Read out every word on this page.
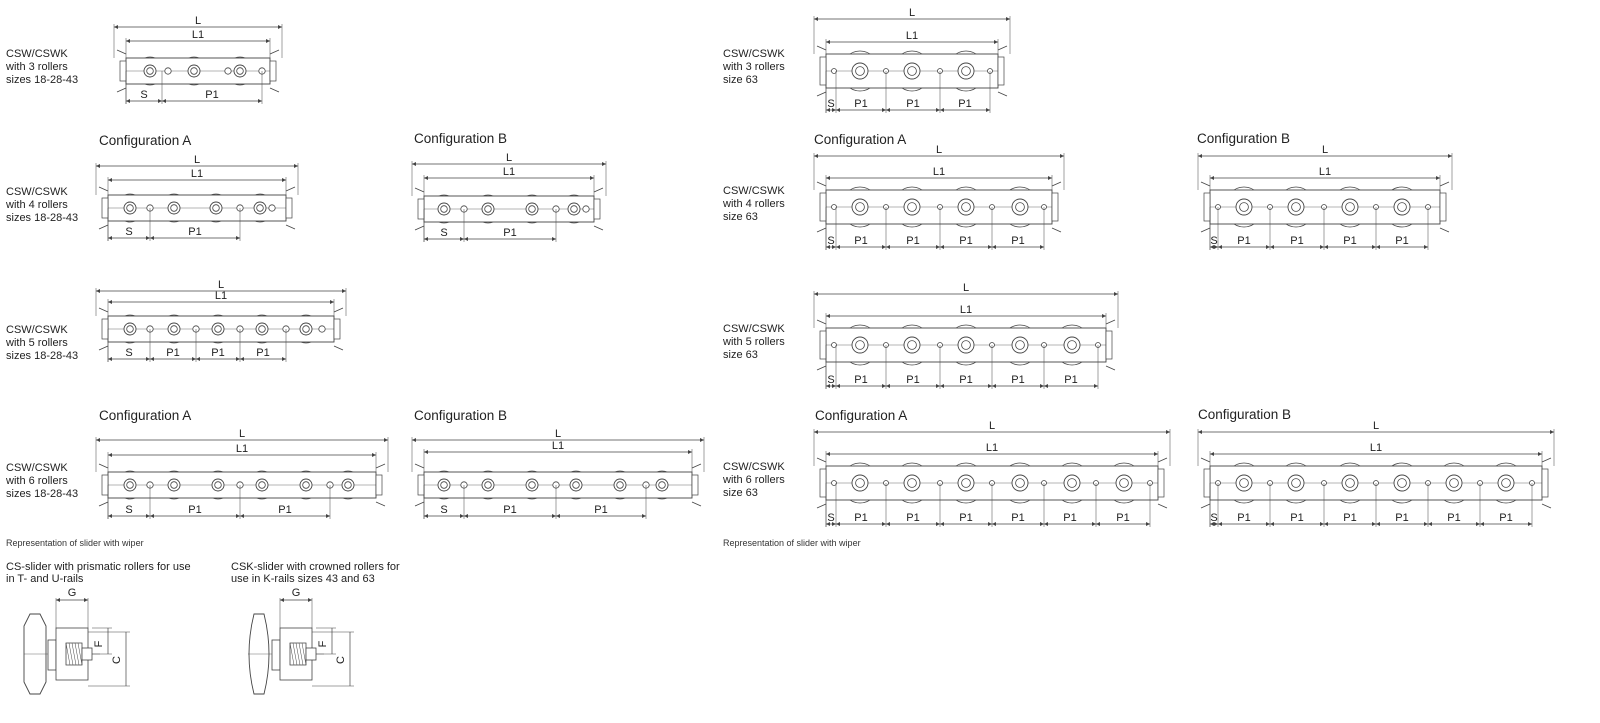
L
L1
S	P1
L
L1
S	P1
L
L1
S	P1
L
L1
S	P1	P1	P1
L
L1
S	P1	P1
L
L1
S	P1	P1
L
L1
S P1	P1	P1
L
L1
S P1	P1	P1	P1
L
L1
S P1	P1	P1	P1
L
L1
S P1	P1	P1	P1	P1
L
L1
S P1	P1	P1	P1	P1	P1
L
L1
S P1	P1	P1	P1	P1	P1
G
F
C
G
F
C
CSW/CSWK
with 3 rollers
sizes 18-28-43
CSW/CSWK
with 4 rollers
sizes 18-28-43
CSW/CSWK
with 5 rollers
sizes 18-28-43
CSW/CSWK
with 6 rollers
sizes 18-28-43
Configuration A	Configuration B
Configuration A	Configuration B
Representation of slider with wiper
CS-slider with prismatic rollers for use
in T- and U-rails
CSK-slider with crowned rollers for
use in K-rails sizes 43 and 63
CSW/CSWK
with 3 rollers
size 63
CSW/CSWK
with 4 rollers
size 63
CSW/CSWK
with 5 rollers
size 63
CSW/CSWK
with 6 rollers
size 63
Configuration A	Configuration B
Configuration A	Configuration B
Representation of slider with wiper
